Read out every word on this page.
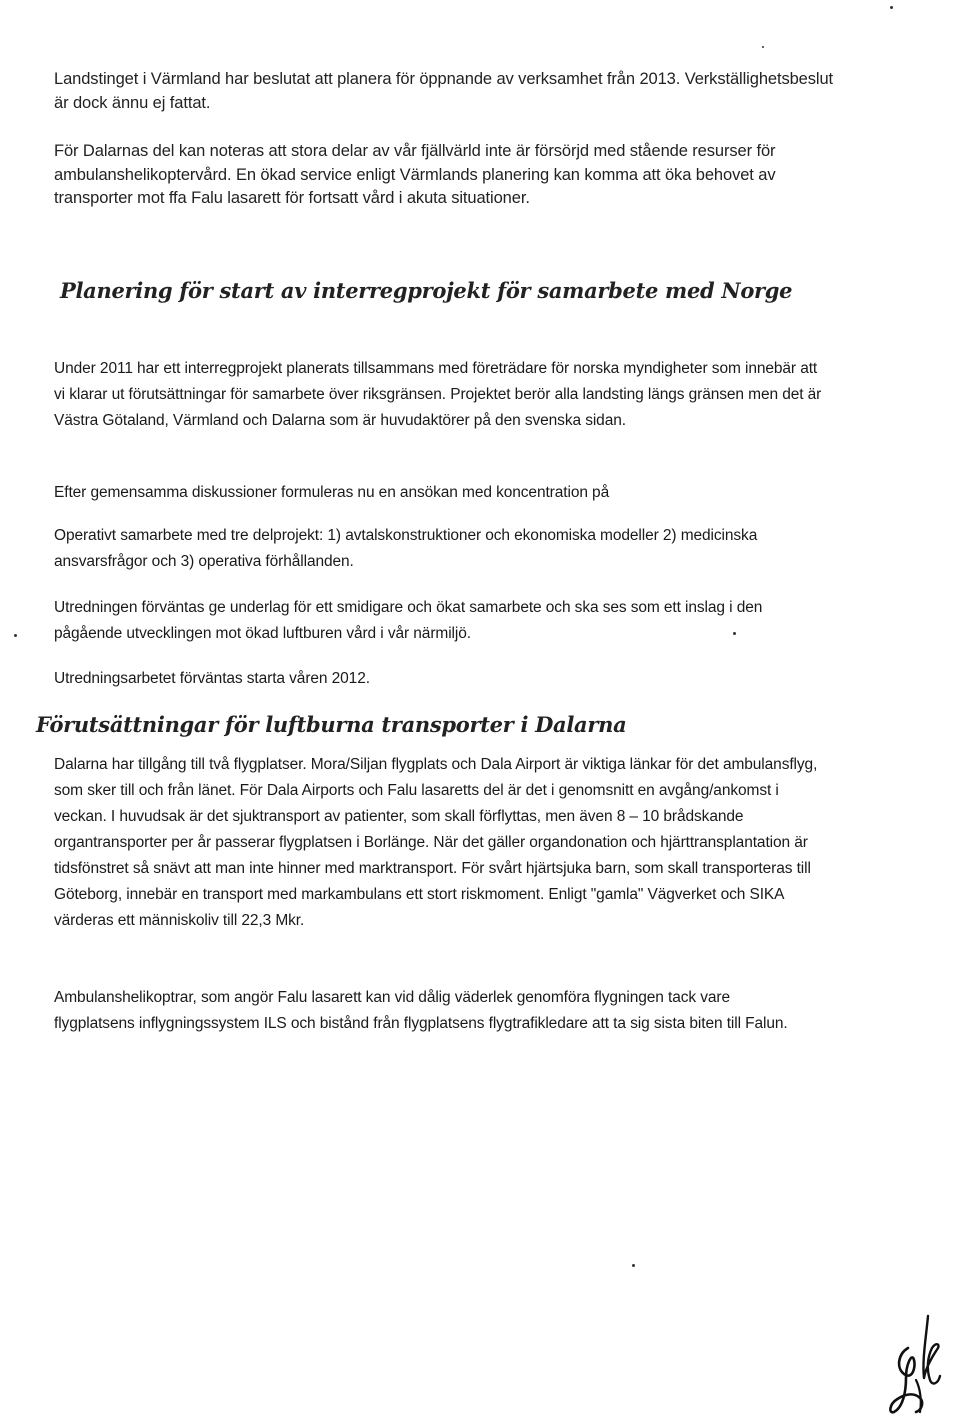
Landstinget i Värmland har beslutat att planera för öppnande av verksamhet från 2013. Verkställighetsbeslut är dock ännu ej fattat.

För Dalarnas del kan noteras att stora delar av vår fjällvärld inte är försörjd med stående resurser för ambulanshelikoptervård. En ökad service enligt Värmlands planering kan komma att öka behovet av transporter mot ffa Falu lasarett för fortsatt vård i akuta situationer.

Planering för start av interregprojekt för samarbete med Norge

Under 2011 har ett interregprojekt planerats tillsammans med företrädare för norska myndigheter som innebär att vi klarar ut förutsättningar för samarbete över riksgränsen. Projektet berör alla landsting längs gränsen men det är Västra Götaland, Värmland och Dalarna som är huvudaktörer på den svenska sidan.

Efter gemensamma diskussioner formuleras nu en ansökan med koncentration på

Operativt samarbete med tre delprojekt: 1) avtalskonstruktioner och ekonomiska modeller 2) medicinska ansvarsfrågor och 3) operativa förhållanden.

Utredningen förväntas ge underlag för ett smidigare och ökat samarbete och ska ses som ett inslag i den pågående utvecklingen mot ökad luftburen vård i vår närmiljö.

Utredningsarbetet förväntas starta våren 2012.

Förutsättningar för luftburna transporter i Dalarna

Dalarna har tillgång till två flygplatser. Mora/Siljan flygplats och Dala Airport är viktiga länkar för det ambulansflyg, som sker till och från länet. För Dala Airports och Falu lasaretts del är det i genomsnitt en avgång/ankomst i veckan. I huvudsak är det sjuktransport av patienter, som skall förflyttas, men även 8 – 10 brådskande organtransporter per år passerar flygplatsen i Borlänge. När det gäller organdonation och hjärttransplantation är tidsfönstret så snävt att man inte hinner med marktransport. För svårt hjärtsjuka barn, som skall transporteras till Göteborg, innebär en transport med markambulans ett stort riskmoment. Enligt "gamla" Vägverket och SIKA värderas ett människoliv till 22,3 Mkr.

Ambulanshelikoptrar, som angör Falu lasarett kan vid dålig väderlek genomföra flygningen tack vare flygplatsens inflygningssystem ILS och bistånd från flygplatsens flygtrafikledare att ta sig sista biten till Falun.
